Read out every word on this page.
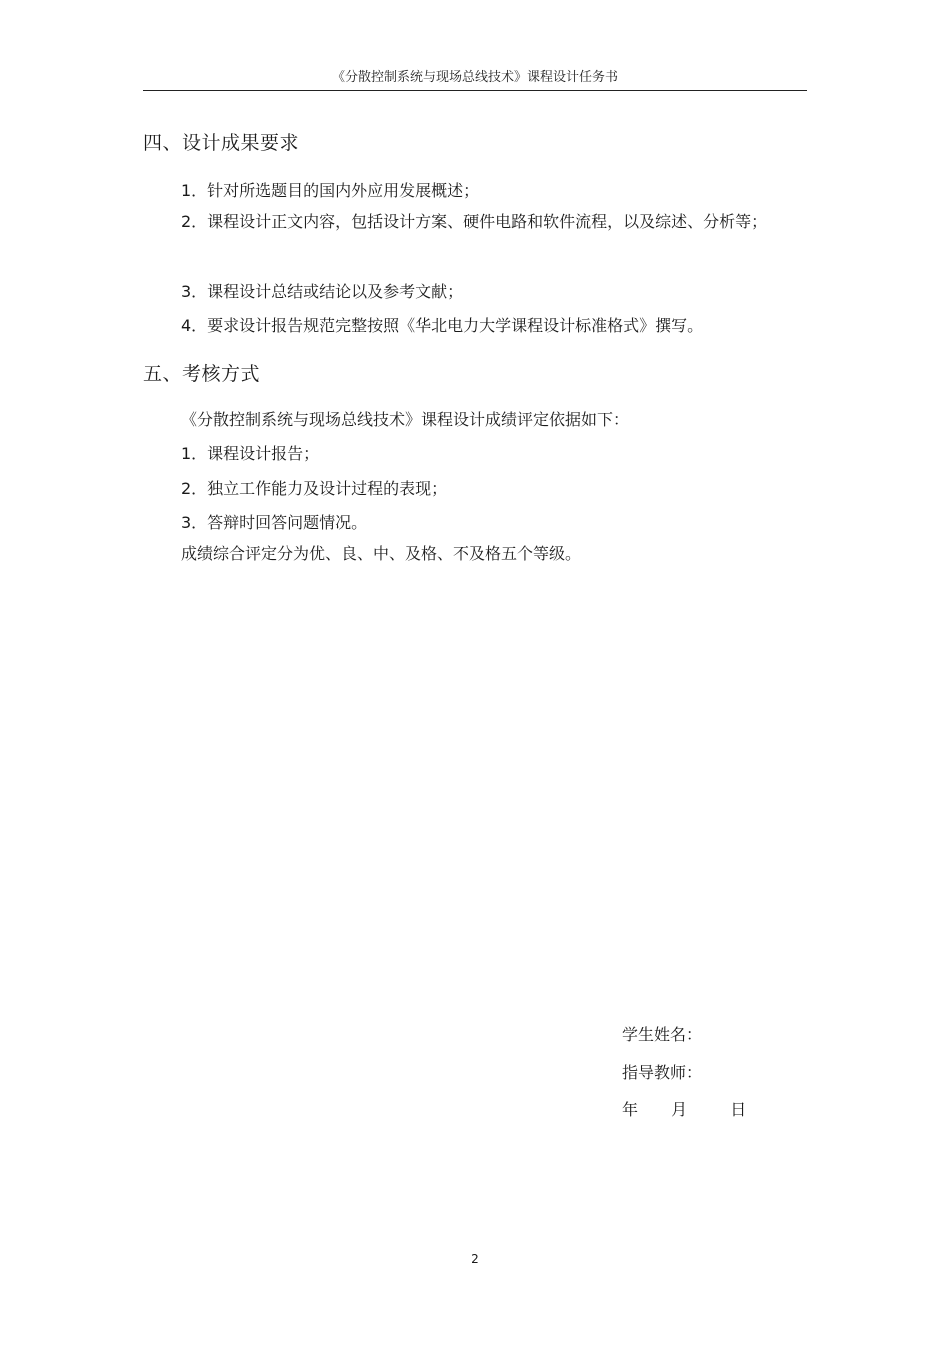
《分散控制系统与现场总线技术》课程设计任务书
四、设计成果要求
1．针对所选题目的国内外应用发展概述；
2．课程设计正文内容，包括设计方案、硬件电路和软件流程，以及综述、分析等；
3．课程设计总结或结论以及参考文献；
4．要求设计报告规范完整按照《华北电力大学课程设计标准格式》撰写。
五、考核方式
《分散控制系统与现场总线技术》课程设计成绩评定依据如下：
1．课程设计报告；
2．独立工作能力及设计过程的表现；
3．答辩时回答问题情况。
成绩综合评定分为优、良、中、及格、不及格五个等级。
学生姓名：
指导教师：
年 月	日
2
